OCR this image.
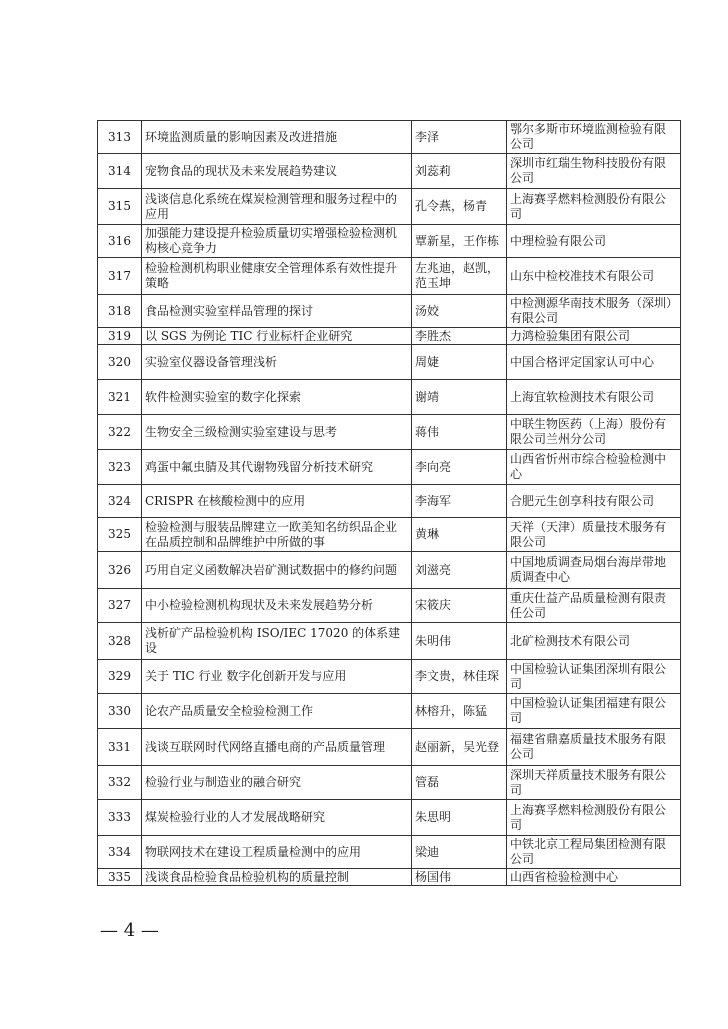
313	环境监测质量的影响因素及改进措施	李泽	鄂尔多斯市环境监测检验有限公司
314	宠物食品的现状及未来发展趋势建议	刘蕊莉	深圳市红瑞生物科技股份有限公司
315	浅谈信息化系统在煤炭检测管理和服务过程中的应用	孔令燕，杨青	上海赛孚燃料检测股份有限公司
316	加强能力建设提升检验质量切实增强检验检测机构核心竞争力	覃新星，王作栋	中理检验有限公司
317	检验检测机构职业健康安全管理体系有效性提升策略	左兆迪，赵凯，范玉坤	山东中检校准技术有限公司
318	食品检测实验室样品管理的探讨	汤姣	中检测源华南技术服务（深圳）有限公司
319	以 SGS 为例论 TIC 行业标杆企业研究	李胜杰	力鸿检验集团有限公司
320	实验室仪器设备管理浅析	周婕	中国合格评定国家认可中心
321	软件检测实验室的数字化探索	谢靖	上海宜软检测技术有限公司
322	生物安全三级检测实验室建设与思考	蒋伟	中联生物医药（上海）股份有限公司兰州分公司
323	鸡蛋中氟虫腈及其代谢物残留分析技术研究	李向亮	山西省忻州市综合检验检测中心
324	CRISPR 在核酸检测中的应用	李海军	合肥元生创享科技有限公司
325	检验检测与服装品牌建立一欧美知名纺织品企业在品质控制和品牌维护中所做的事	黄琳	天祥（天津）质量技术服务有限公司
326	巧用自定义函数解决岩矿测试数据中的修约问题	刘滋亮	中国地质调查局烟台海岸带地质调查中心
327	中小检验检测机构现状及未来发展趋势分析	宋筱庆	重庆仕益产品质量检测有限责任公司
328	浅析矿产品检验机构 ISO/IEC 17020 的体系建设	朱明伟	北矿检测技术有限公司
329	关于 TIC 行业 数字化创新开发与应用	李文贵，林佳琛	中国检验认证集团深圳有限公司
330	论农产品质量安全检验检测工作	林榕升，陈猛	中国检验认证集团福建有限公司
331	浅谈互联网时代网络直播电商的产品质量管理	赵丽新，吴光登	福建省鼎嘉质量技术服务有限公司
332	检验行业与制造业的融合研究	管磊	深圳天祥质量技术服务有限公司
333	煤炭检验行业的人才发展战略研究	朱思明	上海赛孚燃料检测股份有限公司
334	物联网技术在建设工程质量检测中的应用	梁迪	中铁北京工程局集团检测有限公司
335	浅谈食品检验食品检验机构的质量控制	杨国伟	山西省检验检测中心
— 4 —
